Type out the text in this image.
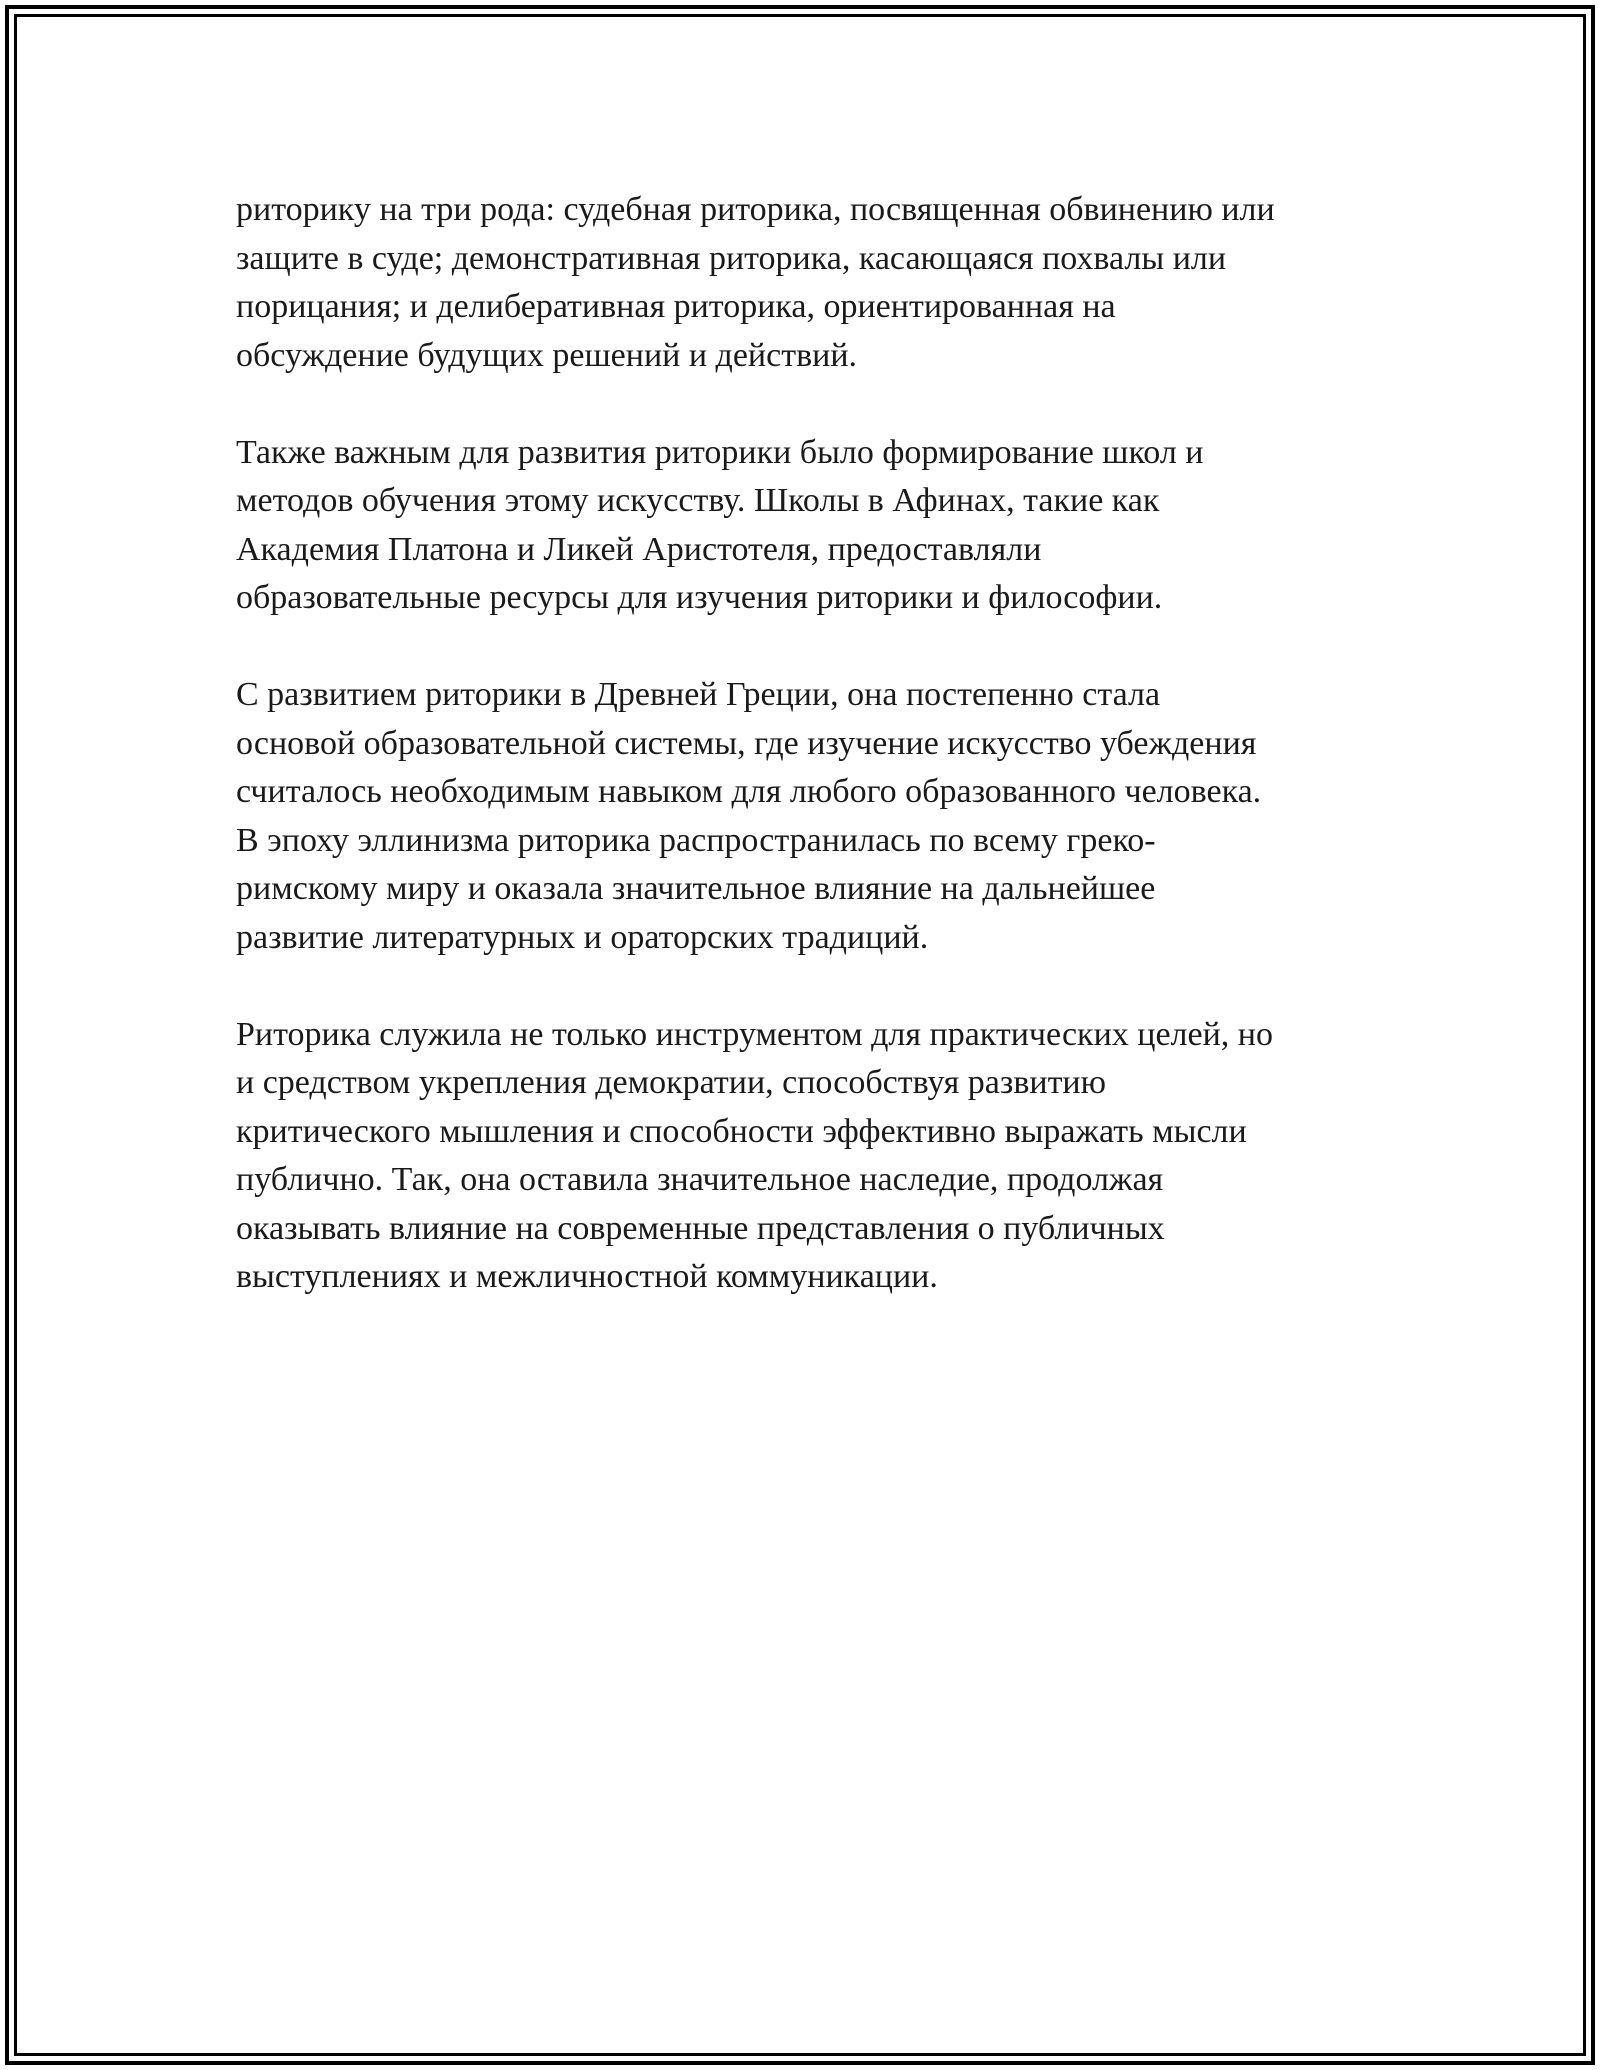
риторику на три рода: судебная риторика, посвященная обвинению или
защите в суде; демонстративная риторика, касающаяся похвалы или
порицания; и делиберативная риторика, ориентированная на
обсуждение будущих решений и действий.

Также важным для развития риторики было формирование школ и
методов обучения этому искусству. Школы в Афинах, такие как
Академия Платона и Ликей Аристотеля, предоставляли
образовательные ресурсы для изучения риторики и философии.

С развитием риторики в Древней Греции, она постепенно стала
основой образовательной системы, где изучение искусство убеждения
считалось необходимым навыком для любого образованного человека.
В эпоху эллинизма риторика распространилась по всему греко-
римскому миру и оказала значительное влияние на дальнейшее
развитие литературных и ораторских традиций.

Риторика служила не только инструментом для практических целей, но
и средством укрепления демократии, способствуя развитию
критического мышления и способности эффективно выражать мысли
публично. Так, она оставила значительное наследие, продолжая
оказывать влияние на современные представления о публичных
выступлениях и межличностной коммуникации.
